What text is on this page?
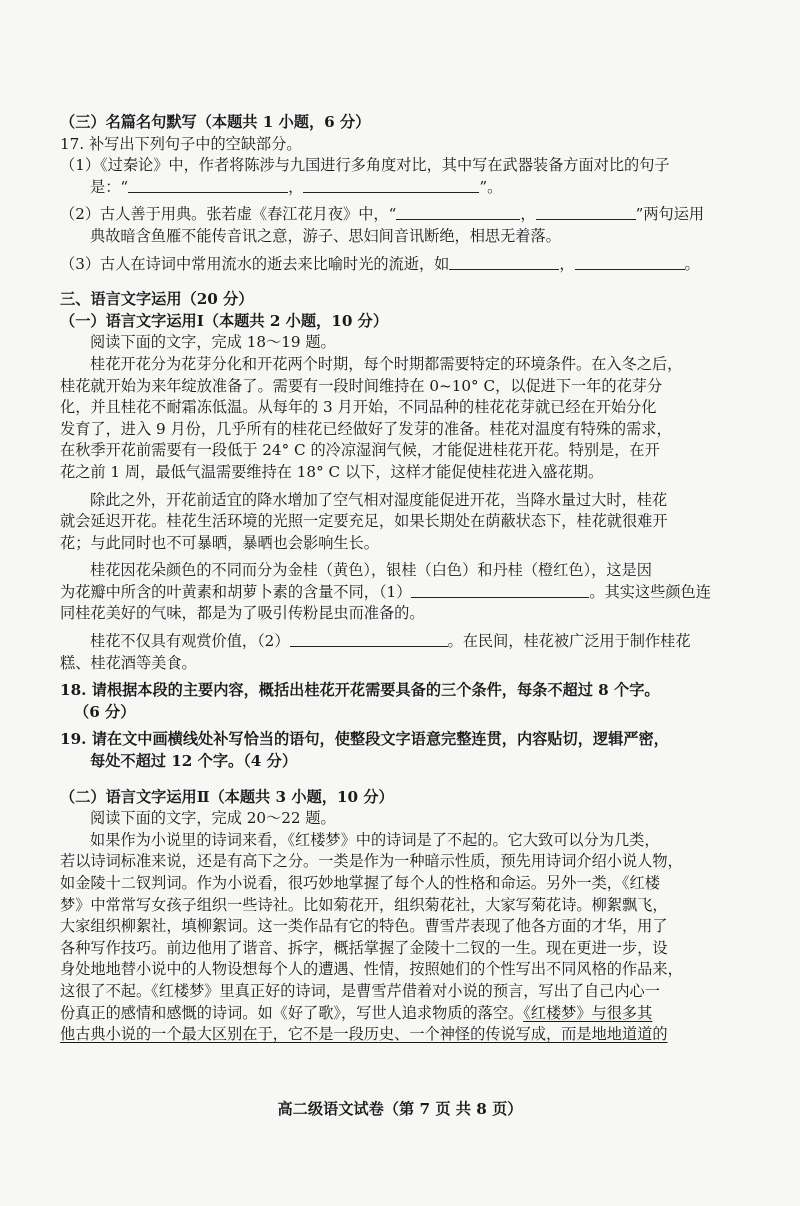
（三）名篇名句默写（本题共 1 小题，6 分）
17. 补写出下列句子中的空缺部分。
（1）《过秦论》中，作者将陈涉与九国进行多角度对比，其中写在武器装备方面对比的句子
是：“	，	”。
（2）古人善于用典。张若虚《春江花月夜》中，“	，	”两句运用
典故暗含鱼雁不能传音讯之意，游子、思妇间音讯断绝，相思无着落。
（3）古人在诗词中常用流水的逝去来比喻时光的流逝，如	，	。
三、语言文字运用（20 分）
（一）语言文字运用Ⅰ（本题共 2 小题，10 分）
阅读下面的文字，完成 18～19 题。
桂花开花分为花芽分化和开花两个时期，每个时期都需要特定的环境条件。在入冬之后，
桂花就开始为来年绽放准备了。需要有一段时间维持在 0~10° C，以促进下一年的花芽分
化，并且桂花不耐霜冻低温。从每年的 3 月开始，不同品种的桂花花芽就已经在开始分化
发育了，进入 9 月份，几乎所有的桂花已经做好了发芽的准备。桂花对温度有特殊的需求，
在秋季开花前需要有一段低于 24° C 的冷凉湿润气候，才能促进桂花开花。特别是，在开
花之前 1 周，最低气温需要维持在 18° C 以下，这样才能促使桂花进入盛花期。
除此之外，开花前适宜的降水增加了空气相对湿度能促进开花，当降水量过大时，桂花
就会延迟开花。桂花生活环境的光照一定要充足，如果长期处在荫蔽状态下，桂花就很难开
花；与此同时也不可暴晒，暴晒也会影响生长。
桂花因花朵颜色的不同而分为金桂（黄色），银桂（白色）和丹桂（橙红色），这是因
为花瓣中所含的叶黄素和胡萝卜素的含量不同，（1）	。其实这些颜色连
同桂花美好的气味，都是为了吸引传粉昆虫而准备的。
桂花不仅具有观赏价值，（2）	。在民间，桂花被广泛用于制作桂花
糕、桂花酒等美食。
18. 请根据本段的主要内容，概括出桂花开花需要具备的三个条件，每条不超过 8 个字。
（6 分）
19. 请在文中画横线处补写恰当的语句，使整段文字语意完整连贯，内容贴切，逻辑严密，
每处不超过 12 个字。（4 分）
（二）语言文字运用Ⅱ（本题共 3 小题，10 分）
阅读下面的文字，完成 20～22 题。
如果作为小说里的诗词来看，《红楼梦》中的诗词是了不起的。它大致可以分为几类，
若以诗词标准来说，还是有高下之分。一类是作为一种暗示性质，预先用诗词介绍小说人物，
如金陵十二钗判词。作为小说看，很巧妙地掌握了每个人的性格和命运。另外一类，《红楼
梦》中常常写女孩子组织一些诗社。比如菊花开，组织菊花社，大家写菊花诗。柳絮飘飞，
大家组织柳絮社，填柳絮词。这一类作品有它的特色。曹雪芹表现了他各方面的才华，用了
各种写作技巧。前边他用了谐音、拆字，概括掌握了金陵十二钗的一生。现在更进一步，设
身处地地替小说中的人物设想每个人的遭遇、性情，按照她们的个性写出不同风格的作品来，
这很了不起。《红楼梦》里真正好的诗词，是曹雪芹借着对小说的预言，写出了自己内心一
份真正的感情和感慨的诗词。如《好了歌》，写世人追求物质的落空。《红楼梦》与很多其
他古典小说的一个最大区别在于，它不是一段历史、一个神怪的传说写成，而是地地道道的
高二级语文试卷（第 7 页 共 8 页）
